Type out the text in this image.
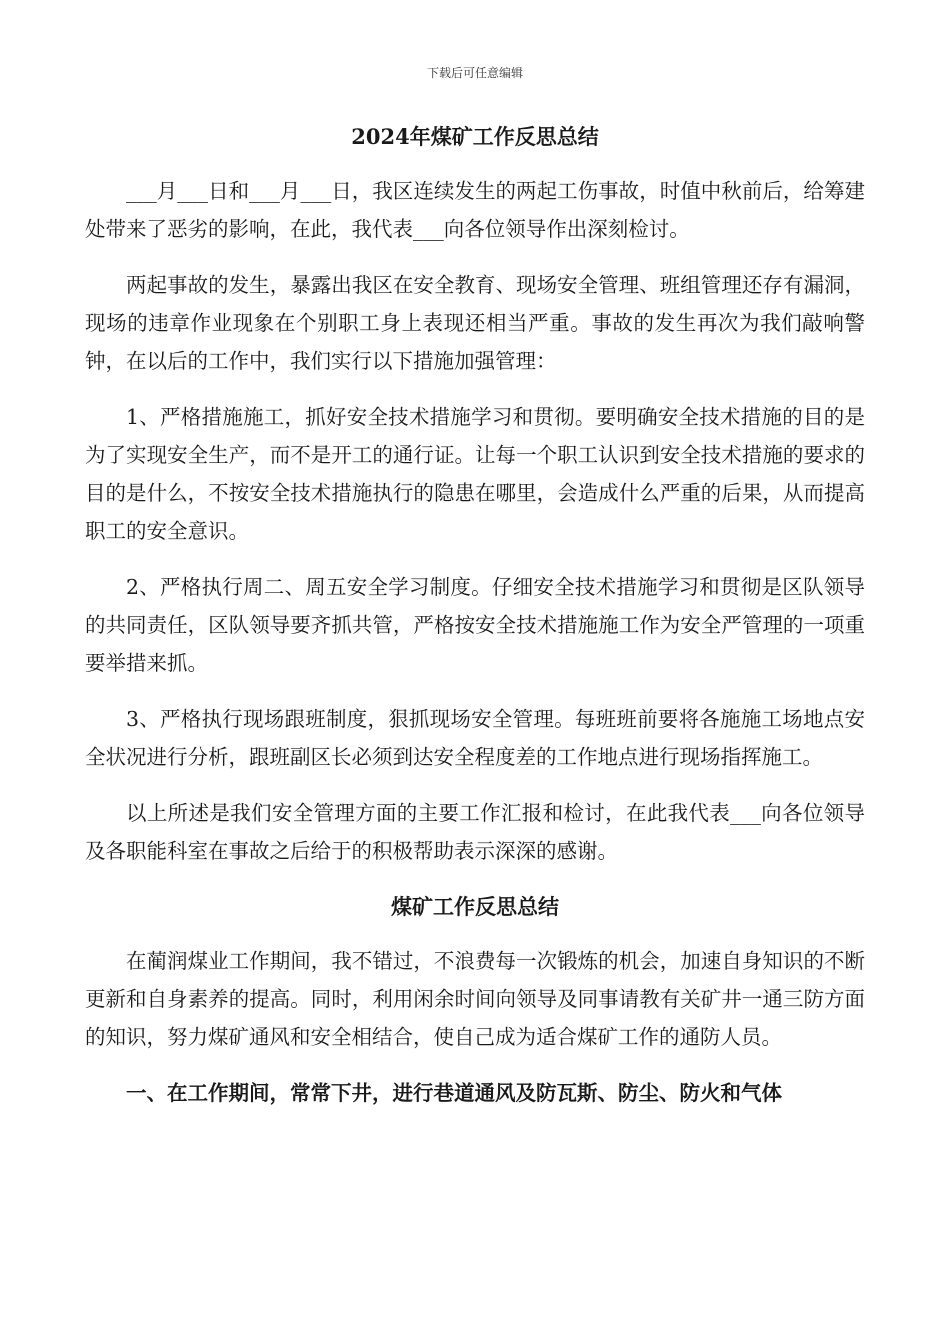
下载后可任意编辑
2024年煤矿工作反思总结

___月___日和___月___日，我区连续发生的两起工伤事故，时值中秋前后，给筹建处带来了恶劣的影响，在此，我代表___向各位领导作出深刻检讨。

两起事故的发生，暴露出我区在安全教育、现场安全管理、班组管理还存有漏洞，现场的违章作业现象在个别职工身上表现还相当严重。事故的发生再次为我们敲响警钟，在以后的工作中，我们实行以下措施加强管理：

1、严格措施施工，抓好安全技术措施学习和贯彻。要明确安全技术措施的目的是为了实现安全生产，而不是开工的通行证。让每一个职工认识到安全技术措施的要求的目的是什么，不按安全技术措施执行的隐患在哪里，会造成什么严重的后果，从而提高职工的安全意识。

2、严格执行周二、周五安全学习制度。仔细安全技术措施学习和贯彻是区队领导的共同责任，区队领导要齐抓共管，严格按安全技术措施施工作为安全严管理的一项重要举措来抓。

3、严格执行现场跟班制度，狠抓现场安全管理。每班班前要将各施施工场地点安全状况进行分析，跟班副区长必须到达安全程度差的工作地点进行现场指挥施工。

以上所述是我们安全管理方面的主要工作汇报和检讨，在此我代表___向各位领导及各职能科室在事故之后给于的积极帮助表示深深的感谢。

煤矿工作反思总结

在蔺润煤业工作期间，我不错过，不浪费每一次锻炼的机会，加速自身知识的不断更新和自身素养的提高。同时，利用闲余时间向领导及同事请教有关矿井一通三防方面的知识，努力煤矿通风和安全相结合，使自己成为适合煤矿工作的通防人员。

一、在工作期间，常常下井，进行巷道通风及防瓦斯、防尘、防火和气体
